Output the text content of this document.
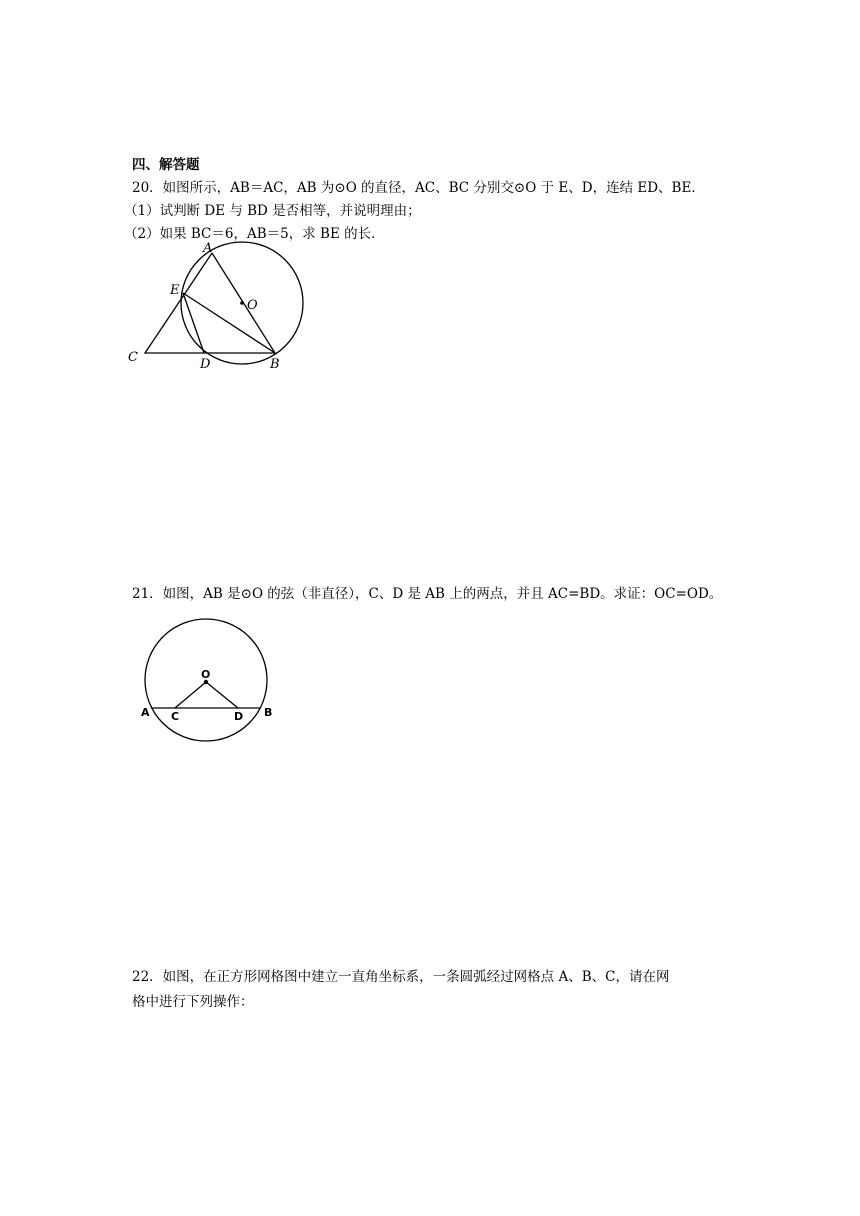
四、解答题
20．如图所示，AB＝AC，AB 为⊙O 的直径，AC、BC 分别交⊙O 于 E、D，连结 ED、BE．
（1）试判断 DE 与 BD 是否相等，并说明理由；
（2）如果 BC＝6，AB＝5，求 BE 的长．
A
E
O
C	D	B
21．如图，AB 是⊙O 的弦（非直径），C、D 是 AB 上的两点，并且 AC=BD。求证：OC=OD。
O
A C	D B
22．如图，在正方形网格图中建立一直角坐标系，一条圆弧经过网格点 A、B、C，请在网
格中进行下列操作：
